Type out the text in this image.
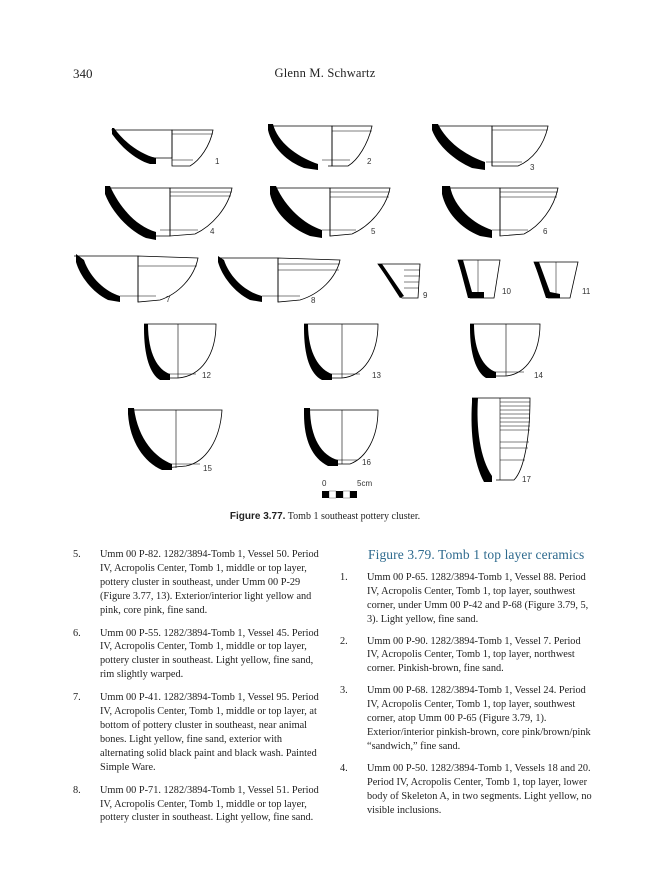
340	Glenn M. Schwartz
1	2
3
4	5	6
7	8
9	10	11
12	13	14
15
16
17
0	5cm
Figure 3.77. Tomb 1 southeast pottery cluster.
5. Umm 00 P-82. 1282/3894-Tomb 1, Vessel 50. Period IV, Acropolis Center, Tomb 1, middle or top layer, pottery cluster in southeast, under Umm 00 P-29 (Figure 3.77, 13). Exterior/interior light yellow and pink, core pink, fine sand.
6. Umm 00 P-55. 1282/3894-Tomb 1, Vessel 45. Period IV, Acropolis Center, Tomb 1, middle or top layer, pottery cluster in southeast. Light yellow, fine sand, rim slightly warped.
7. Umm 00 P-41. 1282/3894-Tomb 1, Vessel 95. Period IV, Acropolis Center, Tomb 1, middle or top layer, at bottom of pottery cluster in southeast, near animal bones. Light yellow, fine sand, exterior with alternating solid black paint and black wash. Painted Simple Ware.
8. Umm 00 P-71. 1282/3894-Tomb 1, Vessel 51. Period IV, Acropolis Center, Tomb 1, middle or top layer, pottery cluster in southeast. Light yellow, fine sand.
Figure 3.79. Tomb 1 top layer ceramics
1. Umm 00 P-65. 1282/3894-Tomb 1, Vessel 88. Period IV, Acropolis Center, Tomb 1, top layer, southwest corner, under Umm 00 P-42 and P-68 (Figure 3.79, 5, 3). Light yellow, fine sand.
2. Umm 00 P-90. 1282/3894-Tomb 1, Vessel 7. Period IV, Acropolis Center, Tomb 1, top layer, northwest corner. Pinkish-brown, fine sand.
3. Umm 00 P-68. 1282/3894-Tomb 1, Vessel 24. Period IV, Acropolis Center, Tomb 1, top layer, southwest corner, atop Umm 00 P-65 (Figure 3.79, 1). Exterior/interior pinkish-brown, core pink/brown/pink “sandwich,” fine sand.
4. Umm 00 P-50. 1282/3894-Tomb 1, Vessels 18 and 20. Period IV, Acropolis Center, Tomb 1, top layer, lower body of Skeleton A, in two segments. Light yellow, no visible inclusions.
